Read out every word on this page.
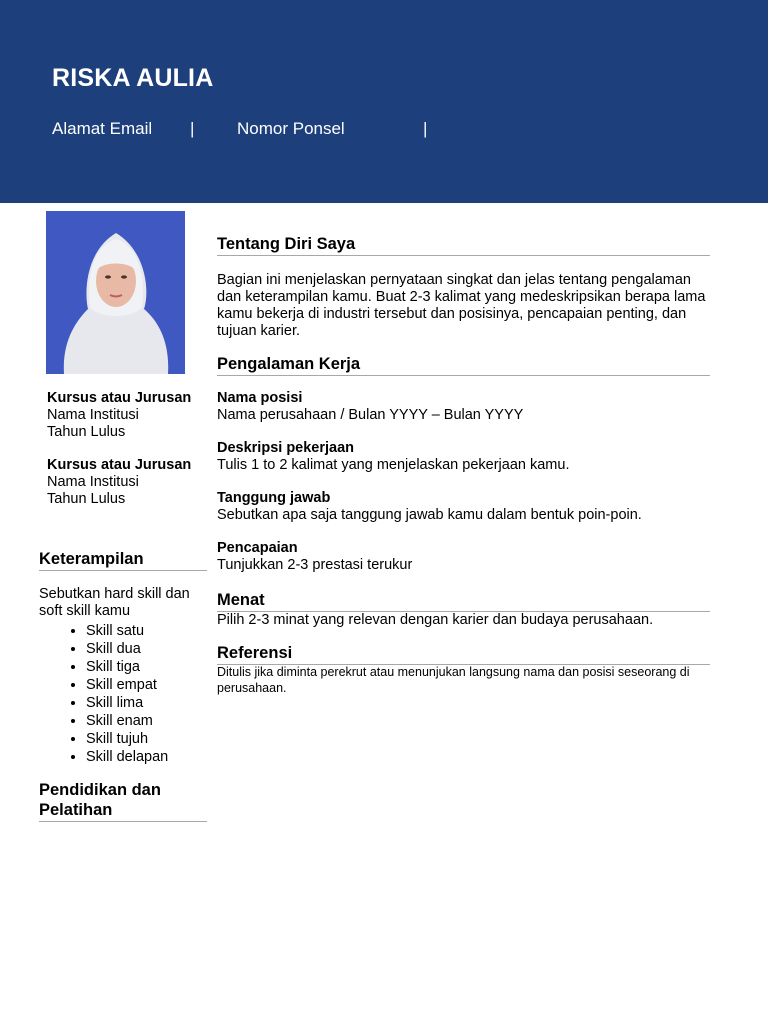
RISKA AULIA
Alamat Email |	Nomor Ponsel	|
Kursus atau Jurusan
Nama Institusi
Tahun Lulus
Kursus atau Jurusan
Nama Institusi
Tahun Lulus
Keterampilan
Sebutkan hard skill dan soft skill kamu
• Skill satu
• Skill dua
• Skill tiga
• Skill empat
• Skill lima
• Skill enam
• Skill tujuh
• Skill delapan
Pendidikan dan Pelatihan
Tentang Diri Saya
Bagian ini menjelaskan pernyataan singkat dan jelas tentang pengalaman dan keterampilan kamu. Buat 2-3 kalimat yang medeskripsikan berapa lama kamu bekerja di industri tersebut dan posisinya, pencapaian penting, dan tujuan karier.
Pengalaman Kerja
Nama posisi
Nama perusahaan / Bulan YYYY – Bulan YYYY
Deskripsi pekerjaan
Tulis 1 to 2 kalimat yang menjelaskan pekerjaan kamu.
Tanggung jawab
Sebutkan apa saja tanggung jawab kamu dalam bentuk poin-poin.
Pencapaian
Tunjukkan 2-3 prestasi terukur
Menat
Pilih 2-3 minat yang relevan dengan karier dan budaya perusahaan.
Referensi
Ditulis jika diminta perekrut atau menunjukan langsung nama dan posisi seseorang di perusahaan.
